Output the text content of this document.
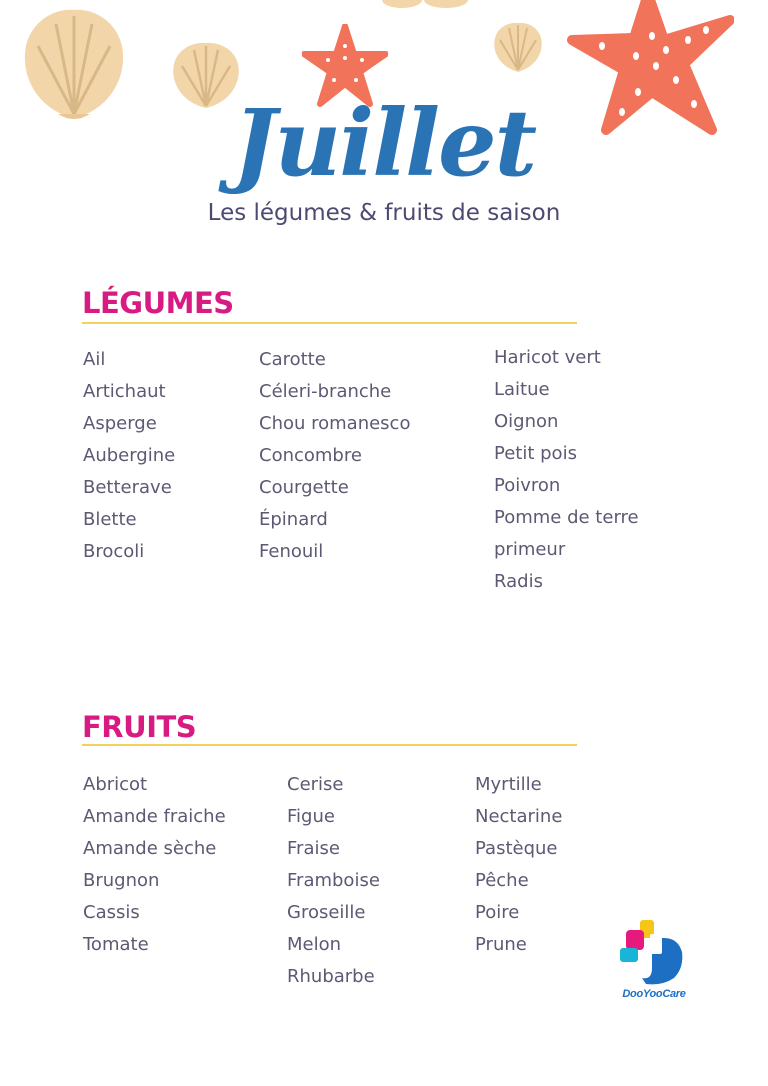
Juillet
Les légumes & fruits de saison
LÉGUMES
Ail
Artichaut
Asperge
Aubergine
Betterave
Blette
Brocoli
Carotte
Céleri-branche
Chou romanesco
Concombre
Courgette
Épinard
Fenouil
Haricot vert
Laitue
Oignon
Petit pois
Poivron
Pomme de terre
primeur
Radis
FRUITS
Abricot
Amande fraiche
Amande sèche
Brugnon
Cassis
Tomate
Cerise
Figue
Fraise
Framboise
Groseille
Melon
Rhubarbe
Myrtille
Nectarine
Pastèque
Pêche
Poire
Prune
DooYooCare
